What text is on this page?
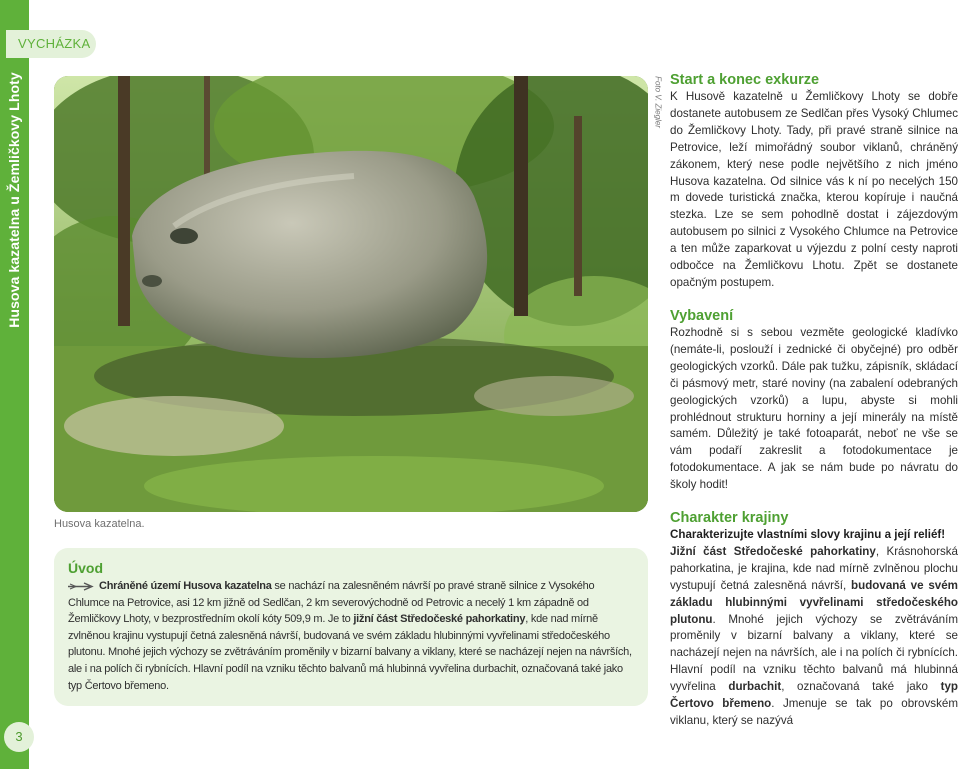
Husova kazatelna u Žemličkovy Lhoty
VYCHÁZKA
3
Foto V. Ziegler
Husova kazatelna.
Úvod
Chráněné území Husova kazatelna se nachází na zalesněném návrší po pravé straně silnice z Vysokého Chlumce na Petrovice, asi 12 km jižně od Sedlčan, 2 km severovýchodně od Petrovic a necelý 1 km západně od Žemličkovy Lhoty, v bezprostředním okolí kóty 509,9 m. Je to jižní část Středočeské pahorkatiny, kde nad mírně zvlněnou krajinu vystupují četná zalesněná návrší, budovaná ve svém základu hlubinnými vyvřelinami středočeského plutonu. Mnohé jejich výchozy se zvětráváním proměnily v bizarní balvany a viklany, které se nacházejí nejen na návrších, ale i na polích či rybnících. Hlavní podíl na vzniku těchto balvanů má hlubinná vyvřelina durbachit, označovaná také jako typ Čertovo břemeno.
Start a konec exkurze

K Husově kazatelně u Žemličkovy Lhoty se dobře dostanete autobusem ze Sedlčan přes Vysoký Chlumec do Žemličkovy Lhoty. Tady, při pravé straně silnice na Petrovice, leží mimořádný soubor viklanů, chráněný zákonem, který nese podle největšího z nich jméno Husova kazatelna. Od silnice vás k ní po necelých 150 m dovede turistická značka, kterou kopíruje i naučná stezka. Lze se sem pohodlně dostat i zájezdovým autobusem po silnici z Vysokého Chlumce na Petrovice a ten může zaparkovat u výjezdu z polní cesty naproti odbočce na Žemličkovu Lhotu. Zpět se dostanete opačným postupem.

Vybavení

Rozhodně si s sebou vezměte geologické kladívko (nemáte-li, poslouží i zednické či obyčejné) pro odběr geologických vzorků. Dále pak tužku, zápisník, skládací či pásmový metr, staré noviny (na zabalení odebraných geologických vzorků) a lupu, abyste si mohli prohlédnout strukturu horniny a její minerály na místě samém. Důležitý je také fotoaparát, neboť ne vše se vám podaří zakreslit a fotodokumentace je fotodokumentace. A jak se nám bude po návratu do školy hodit!

Charakter krajiny

Charakterizujte vlastními slovy krajinu a její reliéf!

Jižní část Středočeské pahorkatiny, Krásnohorská pahorkatina, je krajina, kde nad mírně zvlněnou plochu vystupují četná zalesněná návrší, budovaná ve svém základu hlubinnými vyvřelinami středočeského plutonu. Mnohé jejich výchozy se zvětráváním proměnily v bizarní balvany a viklany, které se nacházejí nejen na návrších, ale i na polích či rybnících. Hlavní podíl na vzniku těchto balvanů má hlubinná vyvřelina durbachit, označovaná také jako typ Čertovo břemeno. Jmenuje se tak po obrovském viklanu, který se nazývá
